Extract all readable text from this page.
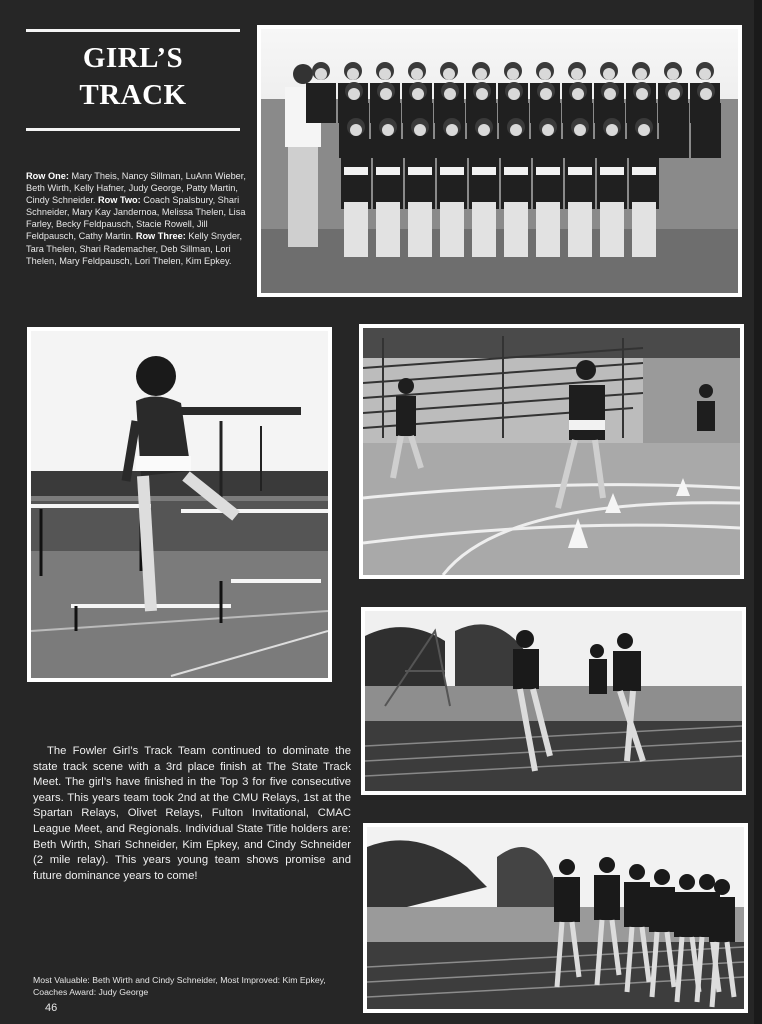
GIRL’S
TRACK
Row One: Mary Theis, Nancy Sillman, LuAnn Wieber, Beth Wirth, Kelly Hafner, Judy George, Patty Martin, Cindy Schneider. Row Two: Coach Spalsbury, Shari Schneider, Mary Kay Jandernoa, Melissa Thelen, Lisa Farley, Becky Feldpausch, Stacie Rowell, Jill Feldpausch, Cathy Martin. Row Three: Kelly Snyder, Tara Thelen, Shari Rademacher, Deb Sillman, Lori Thelen, Mary Feldpausch, Lori Thelen, Kim Epkey.

The Fowler Girl’s Track Team continued to dominate the state track scene with a 3rd place finish at The State Track Meet. The girl’s have finished in the Top 3 for five consecutive years. This years team took 2nd at the CMU Relays, 1st at the Spartan Relays, Olivet Relays, Fulton Invitational, CMAC League Meet, and Regionals. Individual State Title holders are: Beth Wirth, Shari Schneider, Kim Epkey, and Cindy Schneider (2 mile relay). This years young team shows promise and future dominance years to come!

Most Valuable: Beth Wirth and Cindy Schneider, Most Improved: Kim Epkey, Coaches Award: Judy George

46
